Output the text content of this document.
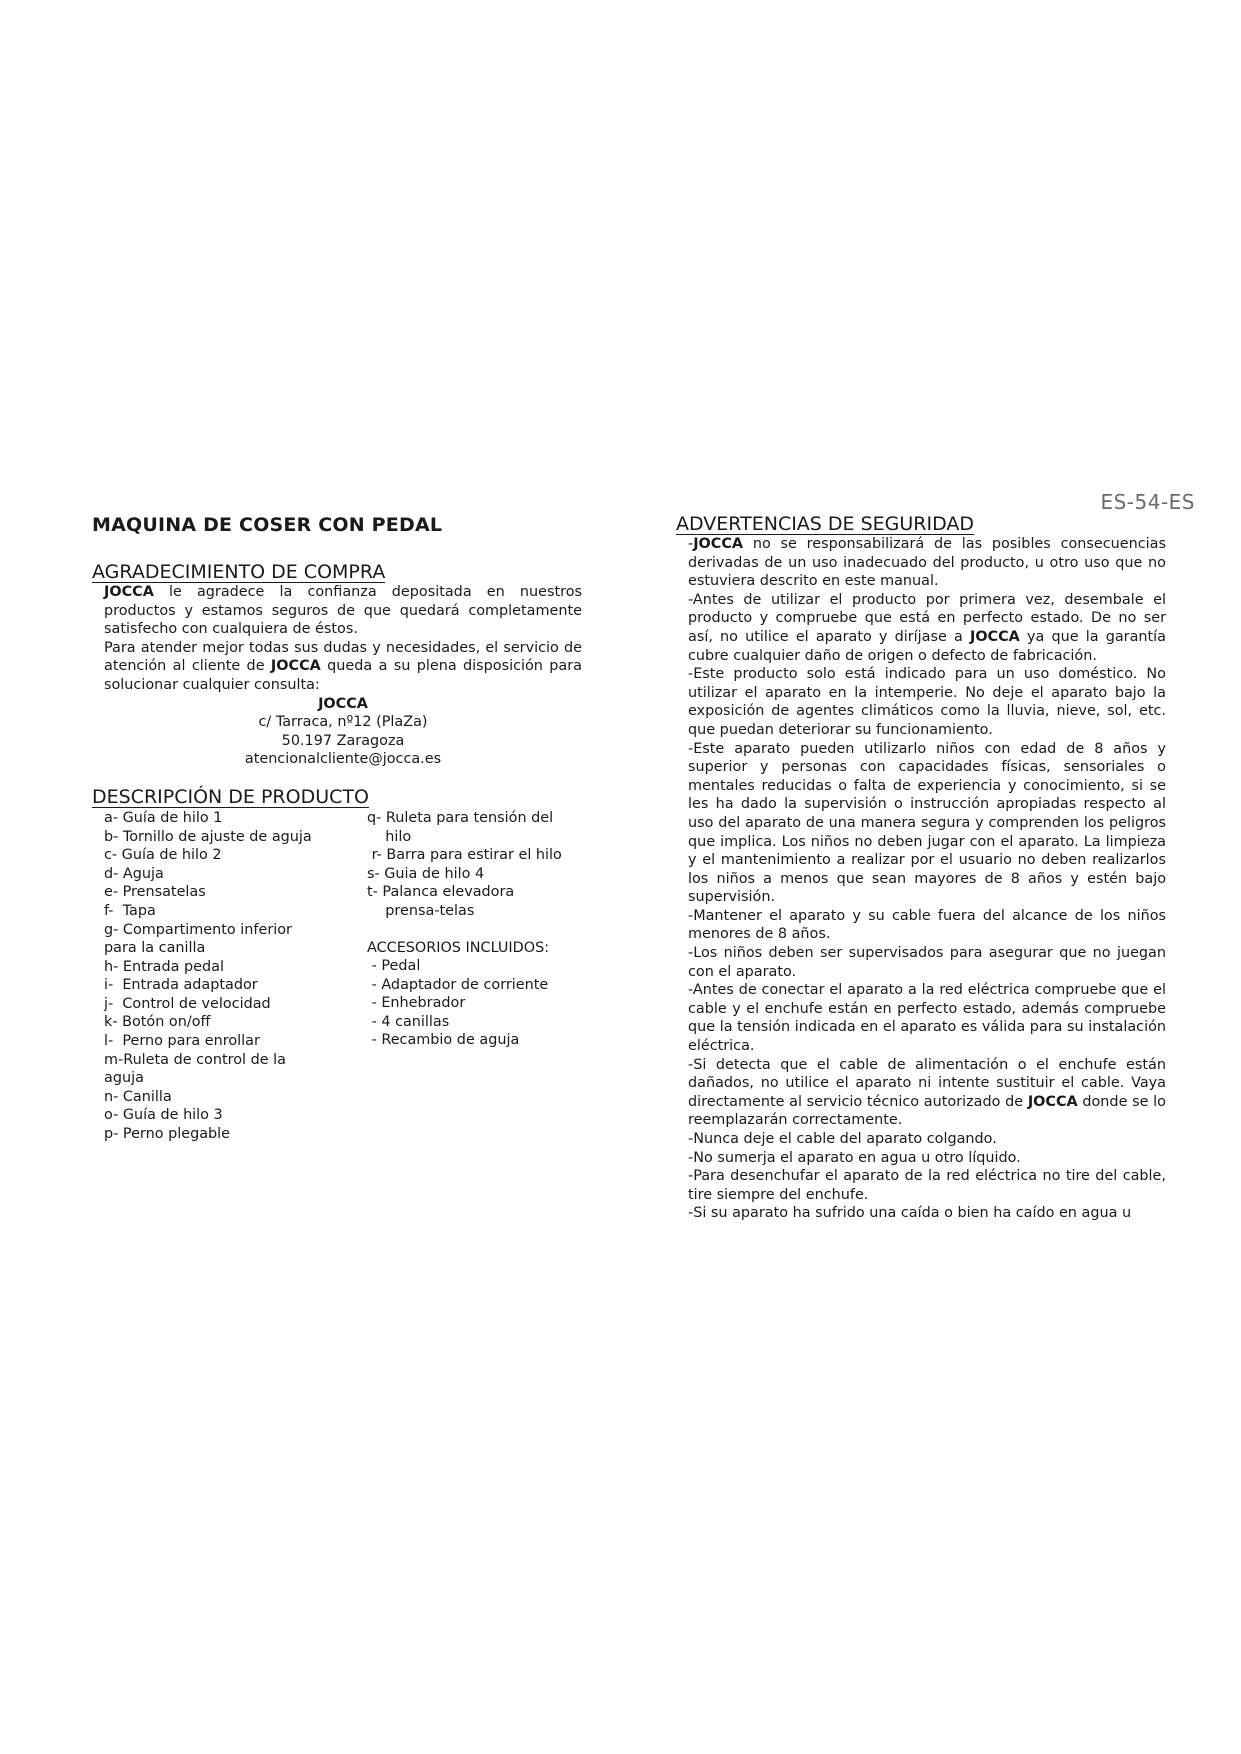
ES-54-ES
MAQUINA DE COSER CON PEDAL
AGRADECIMIENTO DE COMPRA

JOCCA le agradece la confianza depositada en nuestros productos y estamos seguros de que quedará completamente satisfecho con cualquiera de éstos.

Para atender mejor todas sus dudas y necesidades, el servicio de atención al cliente de JOCCA queda a su plena disposición para solucionar cualquier consulta:

JOCCA
c/ Tarraca, nº12 (PlaZa)
50.197 Zaragoza
atencionalcliente@jocca.es
DESCRIPCIÓN DE PRODUCTO
a- Guía de hilo 1
b- Tornillo de ajuste de aguja
c- Guía de hilo 2
d- Aguja
e- Prensatelas
f-  Tapa
g- Compartimento inferior
para la canilla
h- Entrada pedal
i-  Entrada adaptador
j-  Control de velocidad
k- Botón on/off
l-  Perno para enrollar
m-Ruleta de control de la
aguja
n- Canilla
o- Guía de hilo 3
p- Perno plegable
q- Ruleta para tensión del
hilo
r- Barra para estirar el hilo
s- Guia de hilo 4
t- Palanca elevadora
prensa-telas
ACCESORIOS INCLUIDOS:
- Pedal
- Adaptador de corriente
- Enhebrador
- 4 canillas
- Recambio de aguja
ADVERTENCIAS DE SEGURIDAD

-JOCCA no se responsabilizará de las posibles consecuencias derivadas de un uso inadecuado del producto, u otro uso que no estuviera descrito en este manual.

-Antes de utilizar el producto por primera vez, desembale el producto y compruebe que está en perfecto estado. De no ser así, no utilice el aparato y diríjase a JOCCA ya que la garantía cubre cualquier daño de origen o defecto de fabricación.

-Este producto solo está indicado para un uso doméstico. No utilizar el aparato en la intemperie. No deje el aparato bajo la exposición de agentes climáticos como la lluvia, nieve, sol, etc. que puedan deteriorar su funcionamiento.

-Este aparato pueden utilizarlo niños con edad de 8 años y superior y personas con capacidades físicas, sensoriales o mentales reducidas o falta de experiencia y conocimiento, si se les ha dado la supervisión o instrucción apropiadas respecto al uso del aparato de una manera segura y comprenden los peligros que implica. Los niños no deben jugar con el aparato. La limpieza y el mantenimiento a realizar por el usuario no deben realizarlos los niños a menos que sean mayores de 8 años y estén bajo supervisión.

-Mantener el aparato y su cable fuera del alcance de los niños menores de 8 años.

-Los niños deben ser supervisados para asegurar que no juegan con el aparato.

-Antes de conectar el aparato a la red eléctrica compruebe que el cable y el enchufe están en perfecto estado, además compruebe que la tensión indicada en el aparato es válida para su instalación eléctrica.

-Si detecta que el cable de alimentación o el enchufe están dañados, no utilice el aparato ni intente sustituir el cable. Vaya directamente al servicio técnico autorizado de JOCCA donde se lo reemplazarán correctamente.

-Nunca deje el cable del aparato colgando.

-No sumerja el aparato en agua u otro líquido.

-Para desenchufar el aparato de la red eléctrica no tire del cable, tire siempre del enchufe.

-Si su aparato ha sufrido una caída o bien ha caído en agua u
